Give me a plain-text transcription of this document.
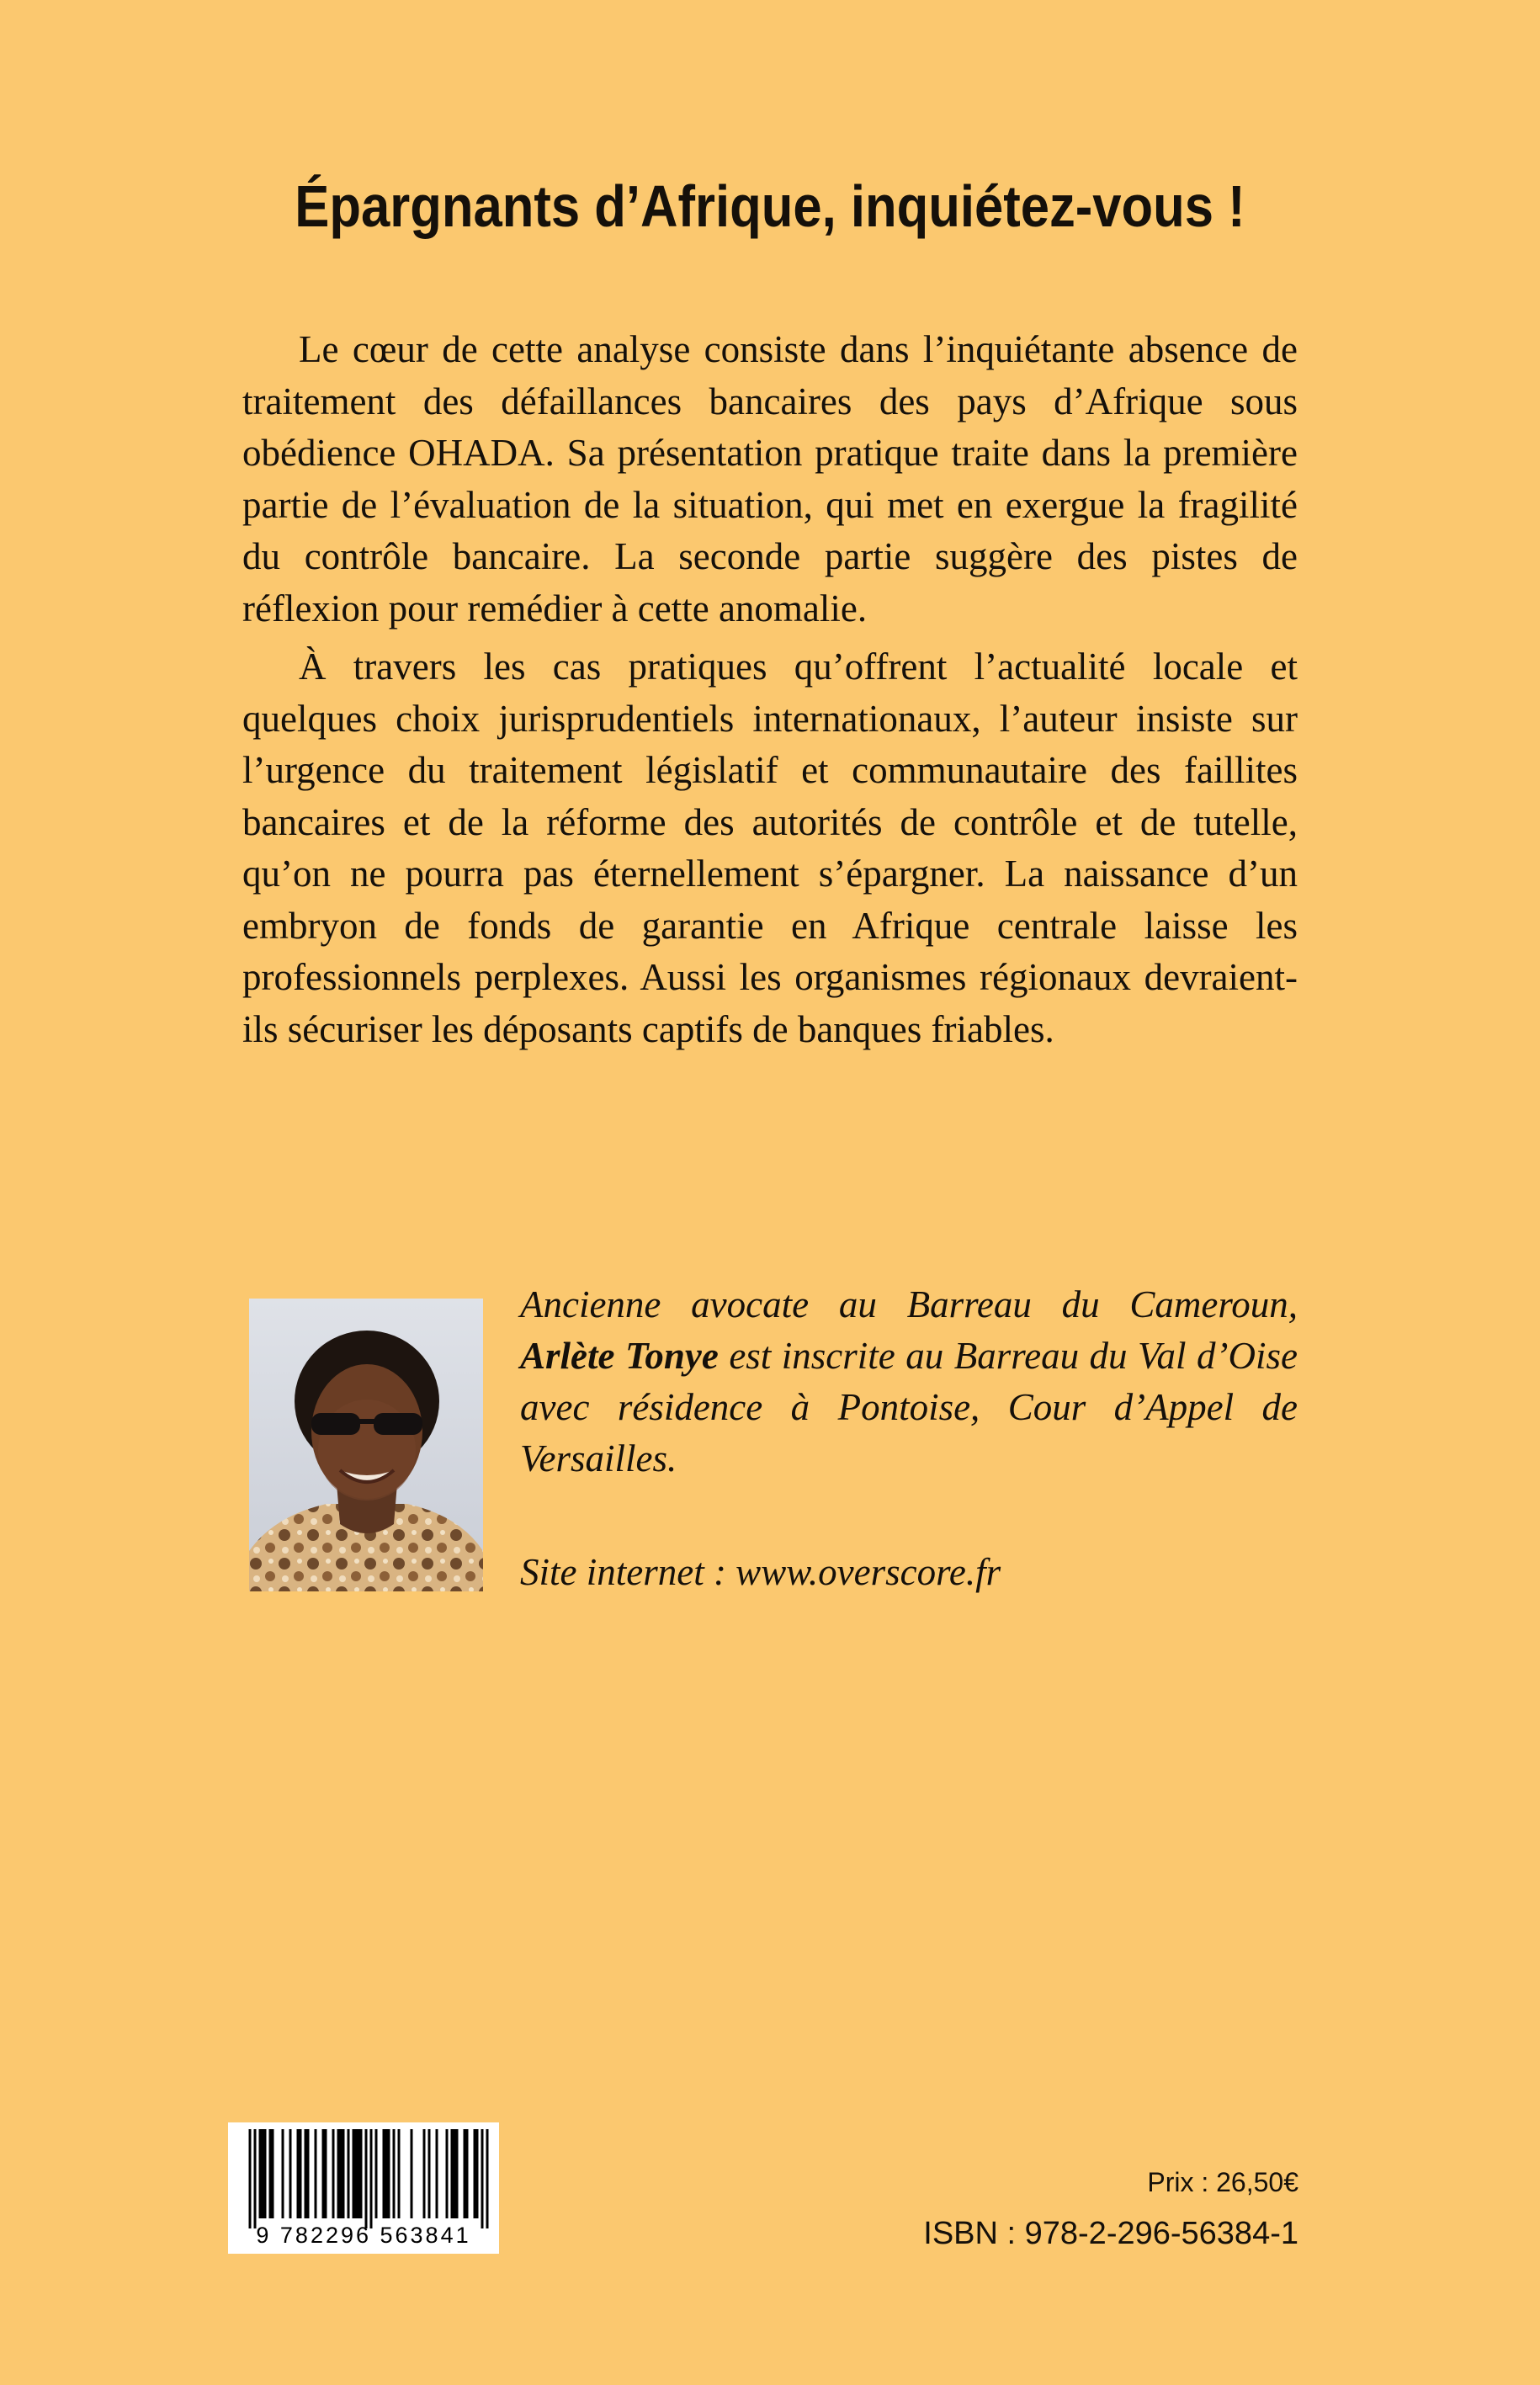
Épargnants d’Afrique, inquiétez-vous !

Le cœur de cette analyse consiste dans l’inquiétante absence de traitement des défaillances bancaires des pays d’Afrique sous obédience OHADA. Sa présentation pratique traite dans la première partie de l’évaluation de la situation, qui met en exergue la fragilité du contrôle bancaire. La seconde partie suggère des pistes de réflexion pour remédier à cette anomalie.

À travers les cas pratiques qu’offrent l’actualité locale et quelques choix jurisprudentiels internationaux, l’auteur insiste sur l’urgence du traitement législatif et communautaire des faillites bancaires et de la réforme des autorités de contrôle et de tutelle, qu’on ne pourra pas éternellement s’épargner. La naissance d’un embryon de fonds de garantie en Afrique centrale laisse les professionnels perplexes. Aussi les organismes régionaux devraient-ils sécuriser les déposants captifs de banques friables.

Ancienne avocate au Barreau du Cameroun, Arlète Tonye est inscrite au Barreau du Val d’Oise avec résidence à Pontoise, Cour d’Appel de Versailles.

Site internet : www.overscore.fr
9 782296 563841
Prix : 26,50€
ISBN : 978-2-296-56384-1
